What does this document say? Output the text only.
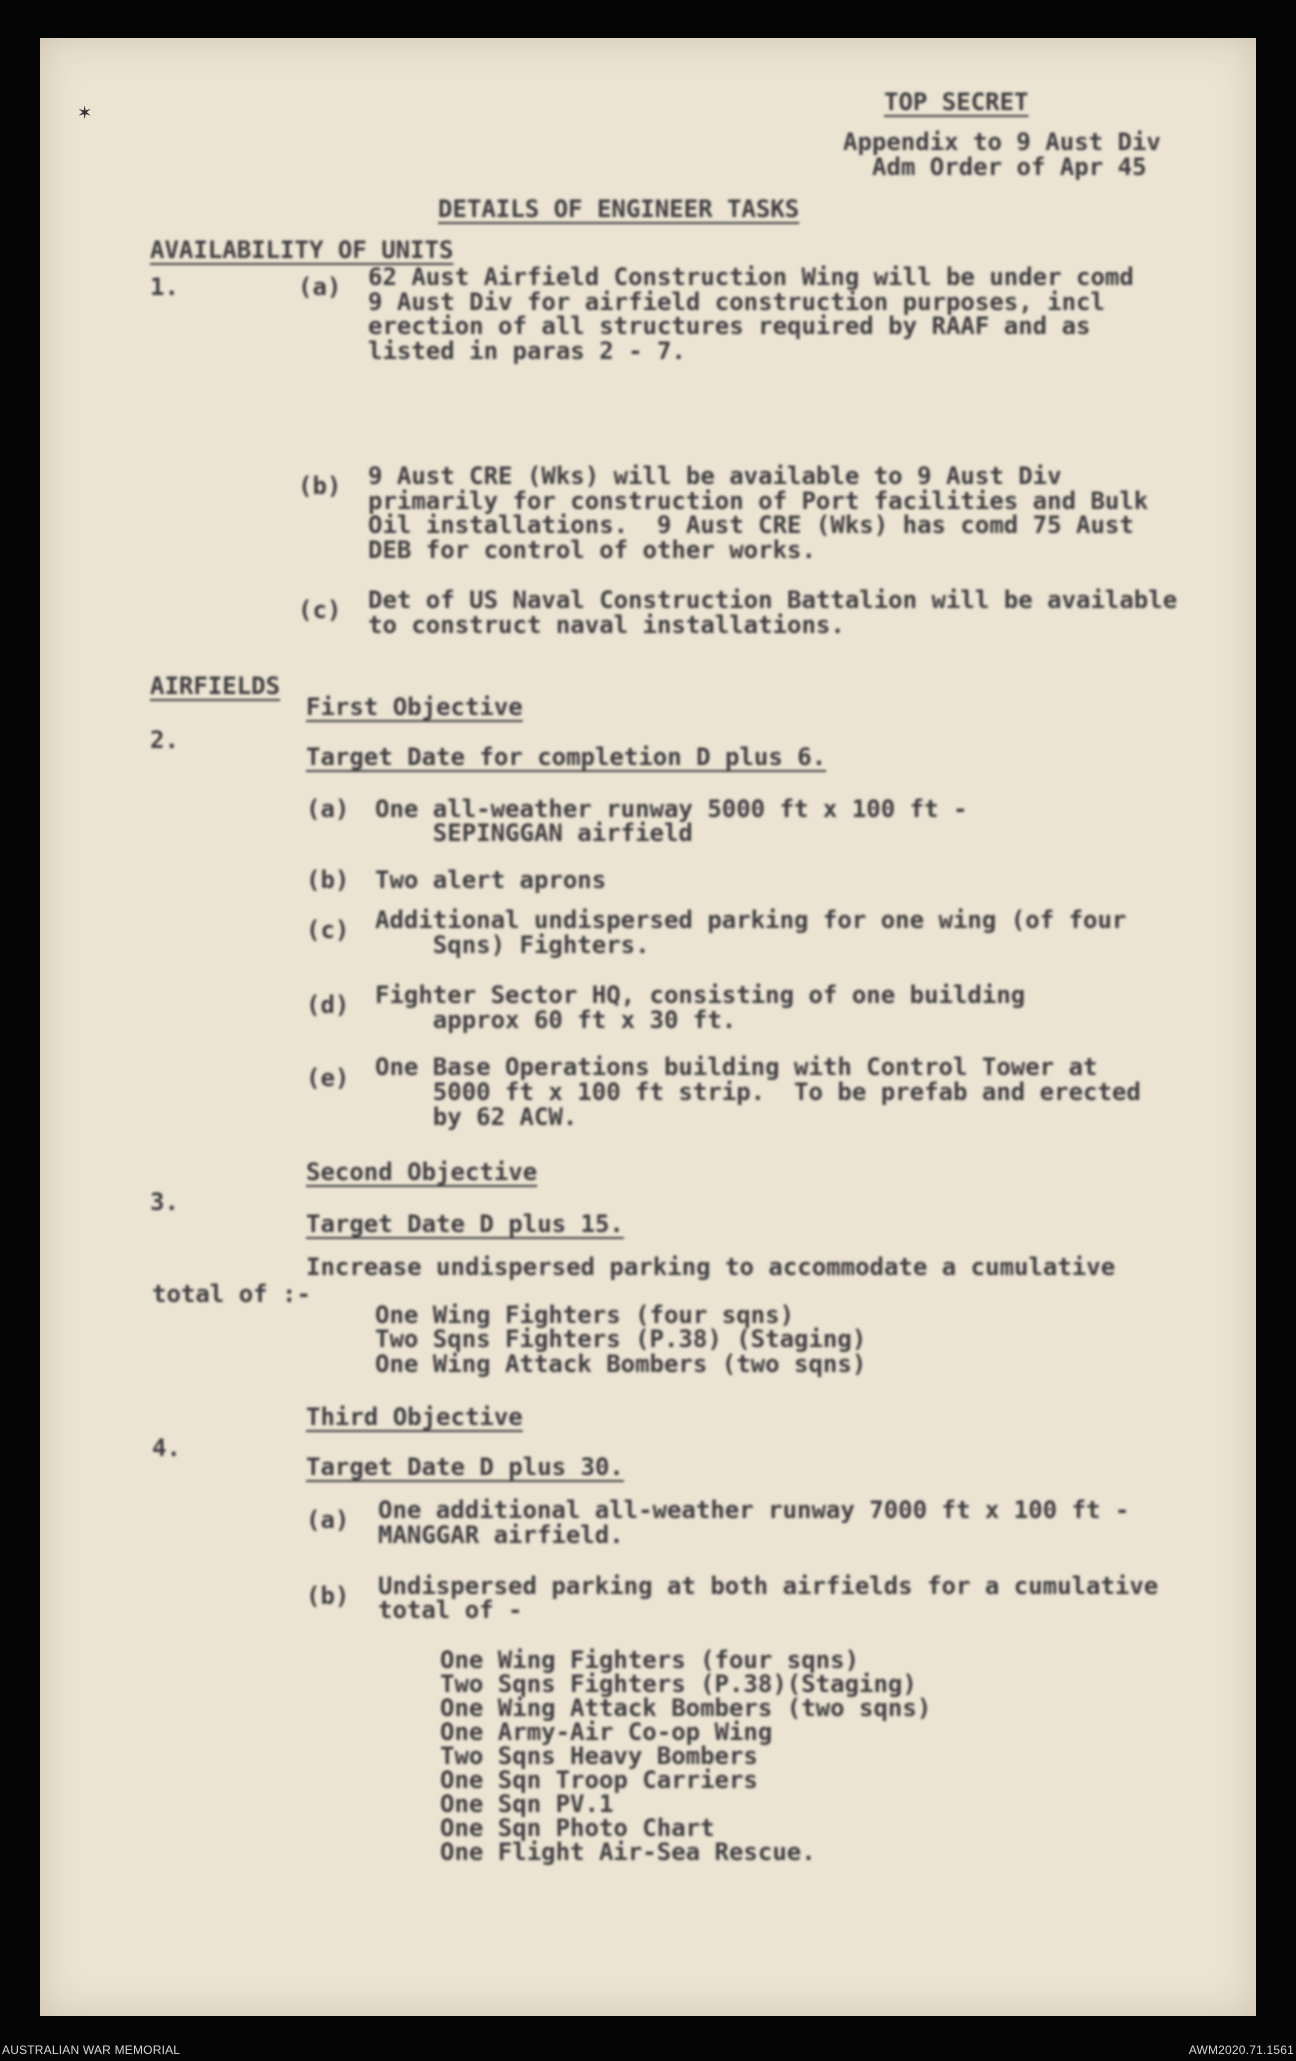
✶	TOP SECRET
Appendix to 9 Aust Div
Adm Order of Apr 45
DETAILS OF ENGINEER TASKS
AVAILABILITY OF UNITS
1.	(a) 62 Aust Airfield Construction Wing will be under comd
9 Aust Div for airfield construction purposes, incl
erection of all structures required by RAAF and as
listed in paras 2 - 7.
(b) 9 Aust CRE (Wks) will be available to 9 Aust Div
primarily for construction of Port facilities and Bulk
Oil installations.  9 Aust CRE (Wks) has comd 75 Aust
DEB for control of other works.
(c) Det of US Naval Construction Battalion will be available
to construct naval installations.
AIRFIELDS
First Objective
2.
Target Date for completion D plus 6.
(a) One all-weather runway 5000 ft x 100 ft -
SEPINGGAN airfield
(b) Two alert aprons
(c) Additional undispersed parking for one wing (of four
Sqns) Fighters.
(d) Fighter Sector HQ, consisting of one building
approx 60 ft x 30 ft.
(e) One Base Operations building with Control Tower at
5000 ft x 100 ft strip.  To be prefab and erected
by 62 ACW.
Second Objective
3.
Target Date D plus 15.
Increase undispersed parking to accommodate a cumulative
total of :-
One Wing Fighters (four sqns)
Two Sqns Fighters (P.38) (Staging)
One Wing Attack Bombers (two sqns)
Third Objective
4.
Target Date D plus 30.
(a) One additional all-weather runway 7000 ft x 100 ft -
MANGGAR airfield.
(b) Undispersed parking at both airfields for a cumulative
total of -
One Wing Fighters (four sqns)
Two Sqns Fighters (P.38)(Staging)
One Wing Attack Bombers (two sqns)
One Army-Air Co-op Wing
Two Sqns Heavy Bombers
One Sqn Troop Carriers
One Sqn PV.1
One Sqn Photo Chart
One Flight Air-Sea Rescue.
AUSTRALIAN WAR MEMORIAL	AWM2020.71.1561
